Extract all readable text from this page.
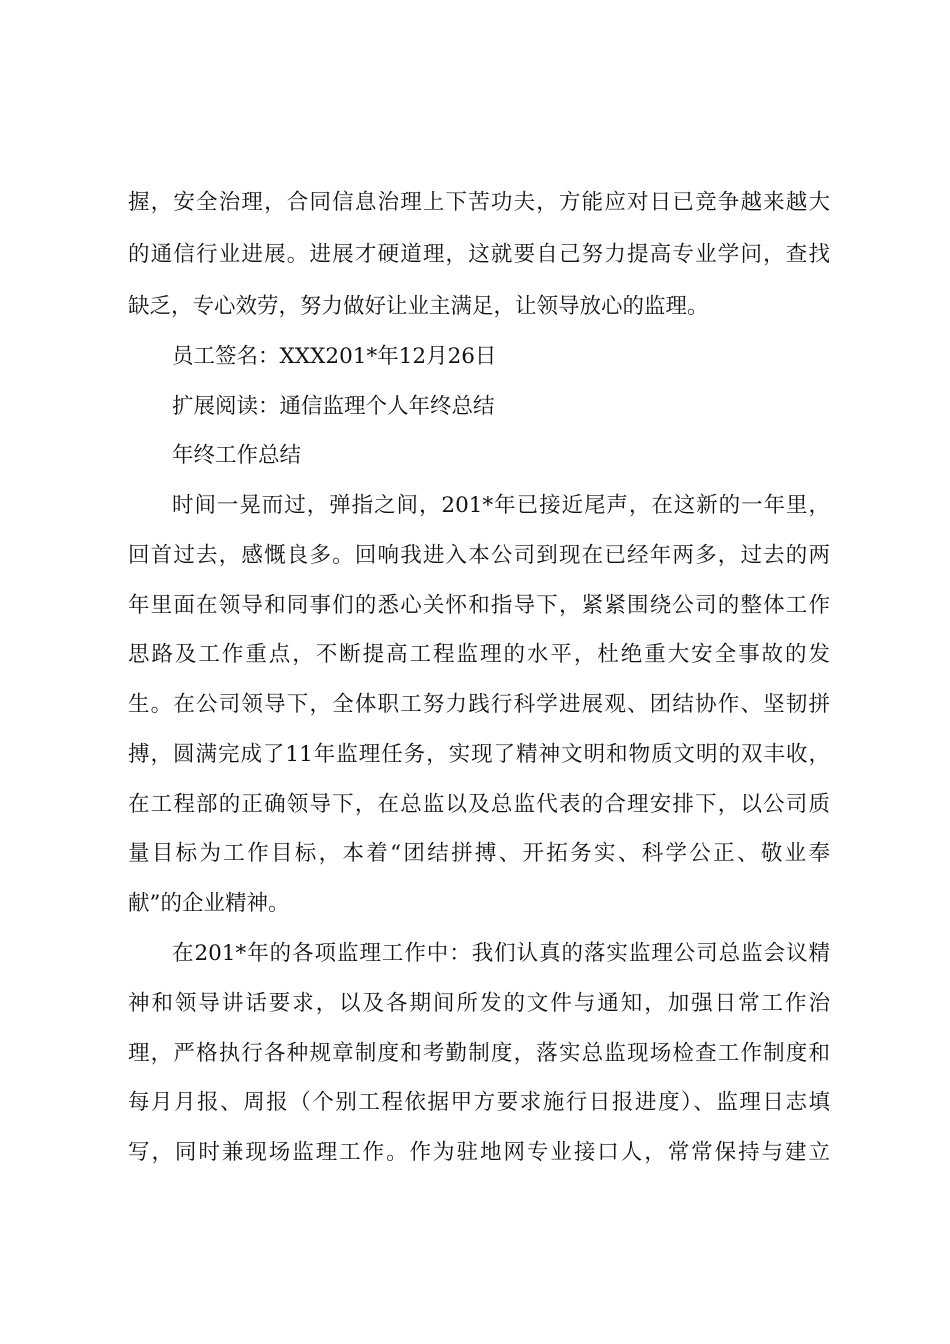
握，安全治理，合同信息治理上下苦功夫，方能应对日已竞争越来越大
的通信行业进展。进展才硬道理，这就要自己努力提高专业学问，查找
缺乏，专心效劳，努力做好让业主满足，让领导放心的监理。
员工签名：XXX201*年12月26日
扩展阅读：通信监理个人年终总结
年终工作总结
时间一晃而过，弹指之间，201*年已接近尾声，在这新的一年里，
回首过去，感慨良多。回响我进入本公司到现在已经年两多，过去的两
年里面在领导和同事们的悉心关怀和指导下，紧紧围绕公司的整体工作
思路及工作重点，不断提高工程监理的水平，杜绝重大安全事故的发
生。在公司领导下，全体职工努力践行科学进展观、团结协作、坚韧拼
搏，圆满完成了11年监理任务，实现了精神文明和物质文明的双丰收，
在工程部的正确领导下，在总监以及总监代表的合理安排下，以公司质
量目标为工作目标，本着“团结拼搏、开拓务实、科学公正、敬业奉
献”的企业精神。
在201*年的各项监理工作中：我们认真的落实监理公司总监会议精
神和领导讲话要求，以及各期间所发的文件与通知，加强日常工作治
理，严格执行各种规章制度和考勤制度，落实总监现场检查工作制度和
每月月报、周报（个别工程依据甲方要求施行日报进度）、监理日志填
写，同时兼现场监理工作。作为驻地网专业接口人，常常保持与建立
